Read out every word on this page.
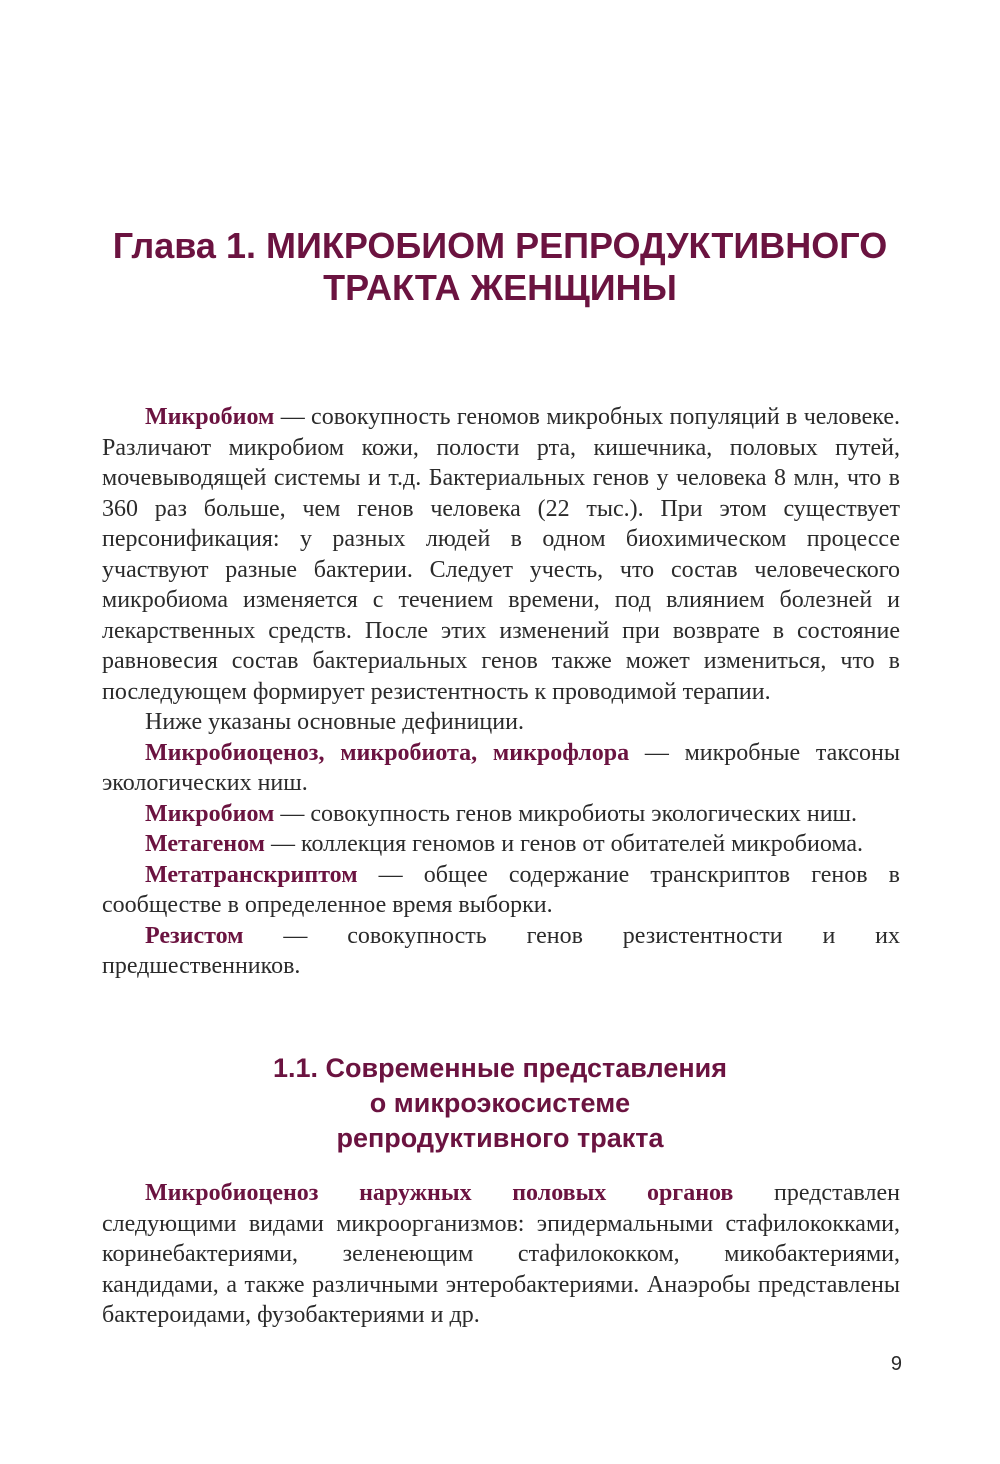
Глава 1. МИКРОБИОМ РЕПРОДУКТИВНОГО
ТРАКТА ЖЕНЩИНЫ

Микробиом — совокупность геномов микробных популяций в человеке. Различают микробиом кожи, полости рта, кишечника, половых путей, мочевыводящей системы и т.д. Бактериальных генов у человека 8 млн, что в 360 раз больше, чем генов человека (22 тыс.). При этом существует персонификация: у разных людей в одном биохимическом процессе участвуют разные бактерии. Следует учесть, что состав человеческого микробиома изменяется с течением времени, под влиянием болезней и лекарственных средств. После этих изменений при возврате в состояние равновесия состав бактериальных генов также может измениться, что в последующем формирует резистентность к проводимой терапии.

Ниже указаны основные дефиниции.

Микробиоценоз, микробиота, микрофлора — микробные таксоны экологических ниш.

Микробиом — совокупность генов микробиоты экологических ниш.

Метагеном — коллекция геномов и генов от обитателей микробиома.

Метатранскриптом — общее содержание транскриптов генов в сообществе в определенное время выборки.

Резистом — совокупность генов резистентности и их предшественников.

1.1. Современные представления
о микроэкосистеме
репродуктивного тракта

Микробиоценоз наружных половых органов представлен следующими видами микроорганизмов: эпидермальными стафилококками, коринебактериями, зеленеющим стафилококком, микобактериями, кандидами, а также различными энтеробактериями. Анаэробы представлены бактероидами, фузобактериями и др.

9
